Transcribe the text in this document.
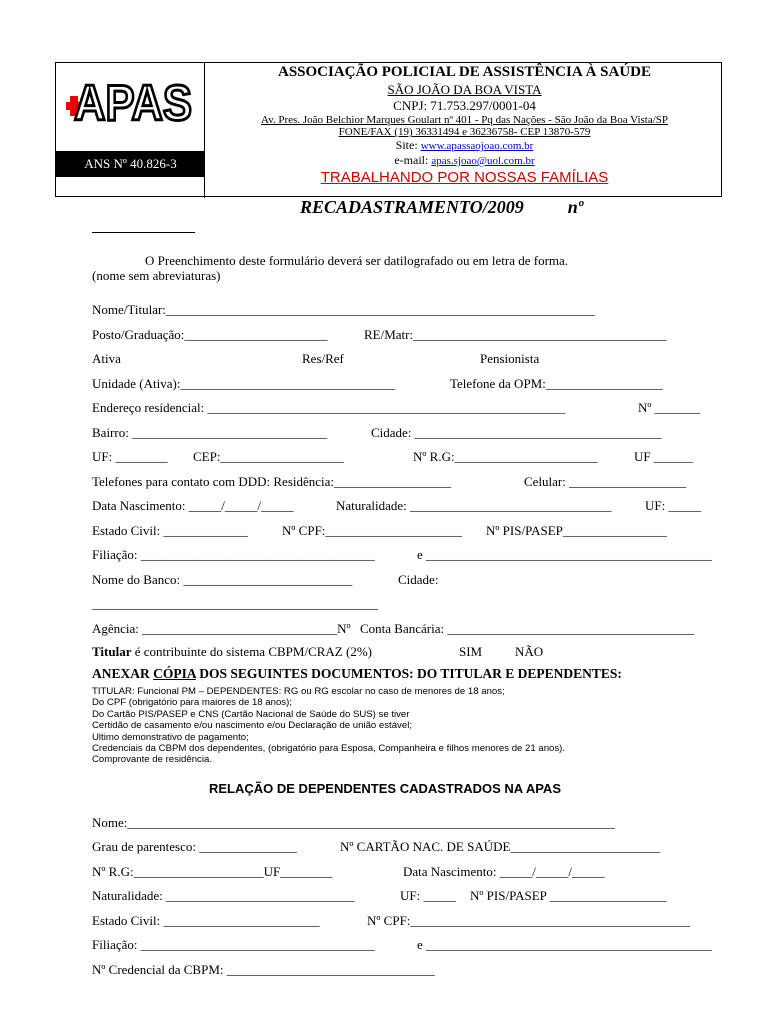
APAS
ANS Nº 40.826-3
ASSOCIAÇÃO POLICIAL DE ASSISTÊNCIA À SAÚDE
SÃO JOÃO DA BOA VISTA
CNPJ: 71.753.297/0001-04
Av. Pres. João Belchior Marques Goulart nº 401 - Pq das Nações - São João da Boa Vista/SP
FONE/FAX (19) 36331494 e 36236758- CEP 13870-579
Site: www.apassaojoao.com.br
e-mail: apas.sjoao@uol.com.br
TRABALHANDO POR NOSSAS FAMÍLIAS
RECADASTRAMENTO/2009 nº
O Preenchimento deste formulário deverá ser datilografado ou em letra de forma.
(nome sem abreviaturas)
Nome/Titular:__________________________________________________________________
Posto/Graduação:______________________	RE/Matr:_______________________________________
Ativa	Res/Ref	Pensionista
Unidade (Ativa):_________________________________	Telefone da OPM:__________________
Endereço residencial: _______________________________________________________	Nº _______
Bairro: ______________________________	Cidade: ______________________________________
UF: ________ CEP:___________________	Nº R.G:______________________	UF ______
Telefones para contato com DDD: Residência:__________________	Celular: __________________
Data Nascimento: _____/_____/_____	Naturalidade: _______________________________	UF: _____
Estado Civil: _____________	Nº CPF:_____________________ Nº PIS/PASEP________________
Filiação: ____________________________________	e ____________________________________________
Nome do Banco: __________________________	Cidade:
____________________________________________
Agência: ______________________________Nº Conta Bancária: ______________________________________
Titular é contribuinte do sistema CBPM/CRAZ (2%)	SIM	NÃO
ANEXAR CÓPIA DOS SEGUINTES DOCUMENTOS: DO TITULAR E DEPENDENTES:
TITULAR: Funcional PM – DEPENDENTES: RG ou RG escolar no caso de menores de 18 anos;
Do CPF (obrigatório para maiores de 18 anos);
Do Cartão PIS/PASEP e CNS (Cartão Nacional de Saúde do SUS) se tiver
Certidão de casamento e/ou nascimento e/ou Declaração de união estável;
Ultimo demonstrativo de pagamento;
Credenciais da CBPM dos dependentes, (obrigatório para Esposa, Companheira e filhos menores de 21 anos).
Comprovante de residência.
RELAÇÃO DE DEPENDENTES CADASTRADOS NA APAS
Nome:___________________________________________________________________________
Grau de parentesco: _______________	Nº CARTÃO NAC. DE SAÚDE_______________________
Nº R.G:____________________UF________	Data Nascimento: _____/_____/_____
Naturalidade: _____________________________	UF: _____ Nº PIS/PASEP __________________
Estado Civil: ________________________	Nº CPF:___________________________________________
Filiação: ____________________________________	e ____________________________________________
Nº Credencial da CBPM: ________________________________
